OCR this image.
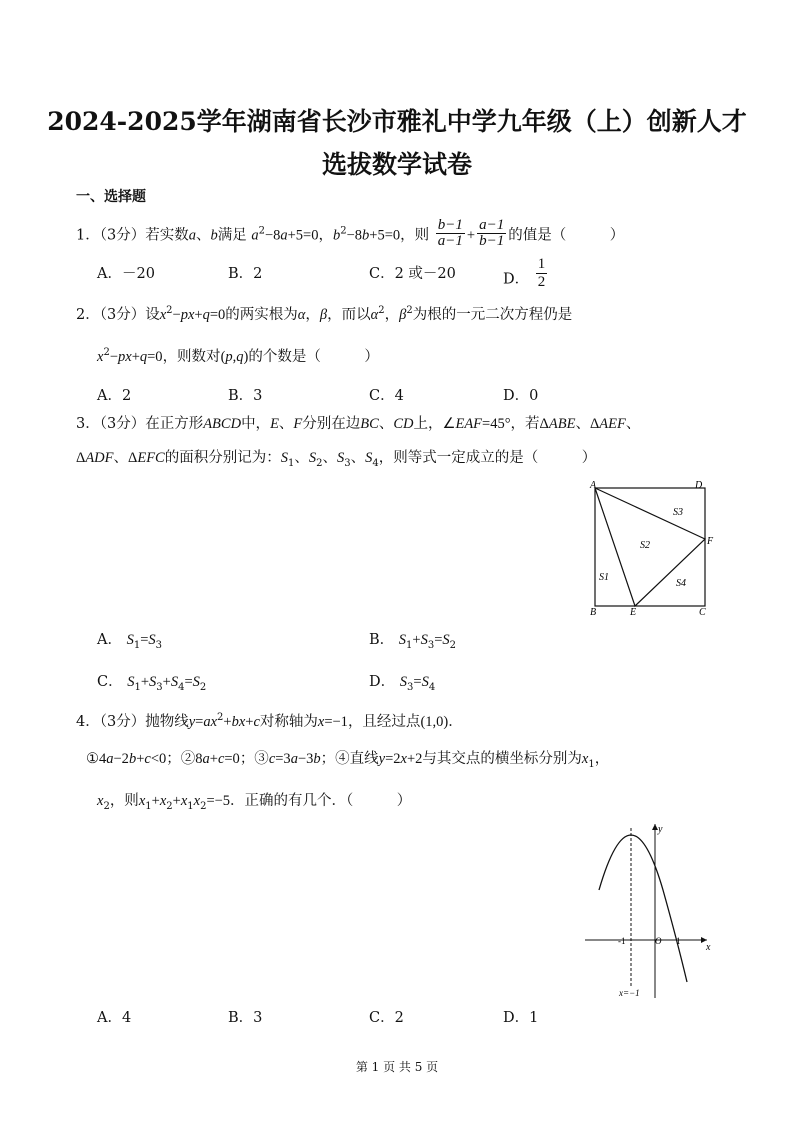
2024-2025学年湖南省长沙市雅礼中学九年级（上）创新人才
选拔数学试卷
一、选择题
1．（3分）若实数a、b满足 $a^2-8a+5=0$，$b^2-8b+5=0$，则 $\frac{b-1}{a-1} + \frac{a-1}{b-1}$ 的值是（　　　）
A．－20	B．2	C．2 或－20	D． $\frac{1}{2}$
2．（3分）设$x^2-px+q=0$的两实根为α，β，而以$\alpha^2$，$\beta^2$为根的一元二次方程仍是
$x^2-px+q=0$，则数对(p,q)的个数是（　　　）
A．2	B．3	C．4	D．0
3．（3分）在正方形ABCD中，E、F分别在边BC、CD上，∠EAF=45°，若ΔABE、ΔAEF、
ΔADF、ΔEFC的面积分别记为：$S_1$、$S_2$、$S_3$、$S_4$，则等式一定成立的是（　　　）
A	D
F
B	E	C
S1
S2
S3
S4
A． $S_1=S_3$	B． $S_1+S_3=S_2$
C． $S_1+S_3+S_4=S_2$	D． $S_3=S_4$
4．（3分）抛物线$y=ax^2+bx+c$对称轴为x=−1，且经过点(1,0)．
①4a−2b+c<0；②8a+c=0；③c=3a−3b；④直线y=2x+2与其交点的横坐标分别为$x_1$，
$x_2$，则$x_1+x_2+x_1x_2=-5$．正确的有几个．（　　　）
y
x
O
-1	1
x=−1
A．4	B．3	C．2	D．1
第 1 页 共 5 页
